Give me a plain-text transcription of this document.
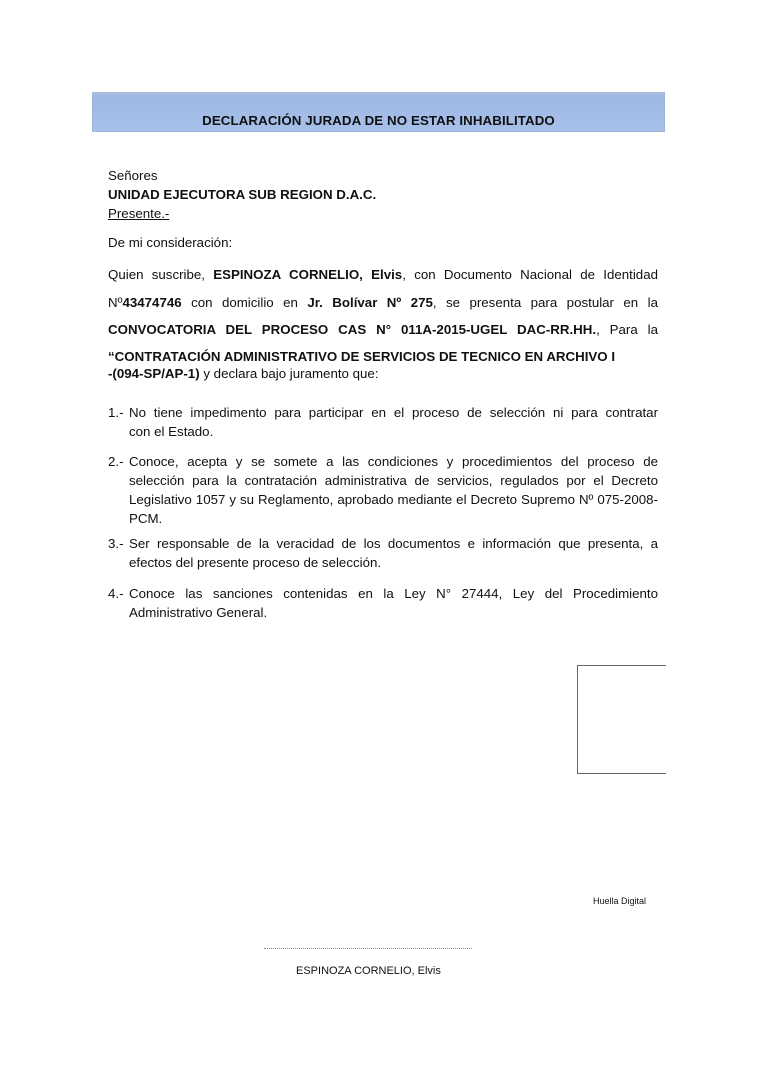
DECLARACIÓN JURADA DE NO ESTAR INHABILITADO
Señores
UNIDAD EJECUTORA SUB REGION D.A.C.
Presente.-
De mi consideración:
Quien suscribe, ESPINOZA CORNELIO, Elvis, con Documento Nacional de Identidad
Nº43474746 con domicilio en Jr. Bolívar Nº 275, se presenta para postular en la
CONVOCATORIA DEL PROCESO CAS N° 011A-2015-UGEL DAC-RR.HH., Para la
“CONTRATACIÓN ADMINISTRATIVO DE SERVICIOS DE TECNICO EN ARCHIVO I
-(094-SP/AP-1) y declara bajo juramento que:
1.- No tiene impedimento para participar en el proceso de selección ni para contratar
con el Estado.
2.- Conoce, acepta y se somete a las condiciones y procedimientos del proceso de
selección para la contratación administrativa de servicios, regulados por el Decreto Legislativo 1057 y su Reglamento, aprobado mediante el Decreto Supremo Nº 075-2008-PCM.
3.- Ser responsable de la veracidad de los documentos e información que presenta, a
efectos del presente proceso de selección.
4.- Conoce las sanciones contenidas en la Ley N° 27444, Ley del Procedimiento
Administrativo General.
Huella Digital
ESPINOZA CORNELIO, Elvis
